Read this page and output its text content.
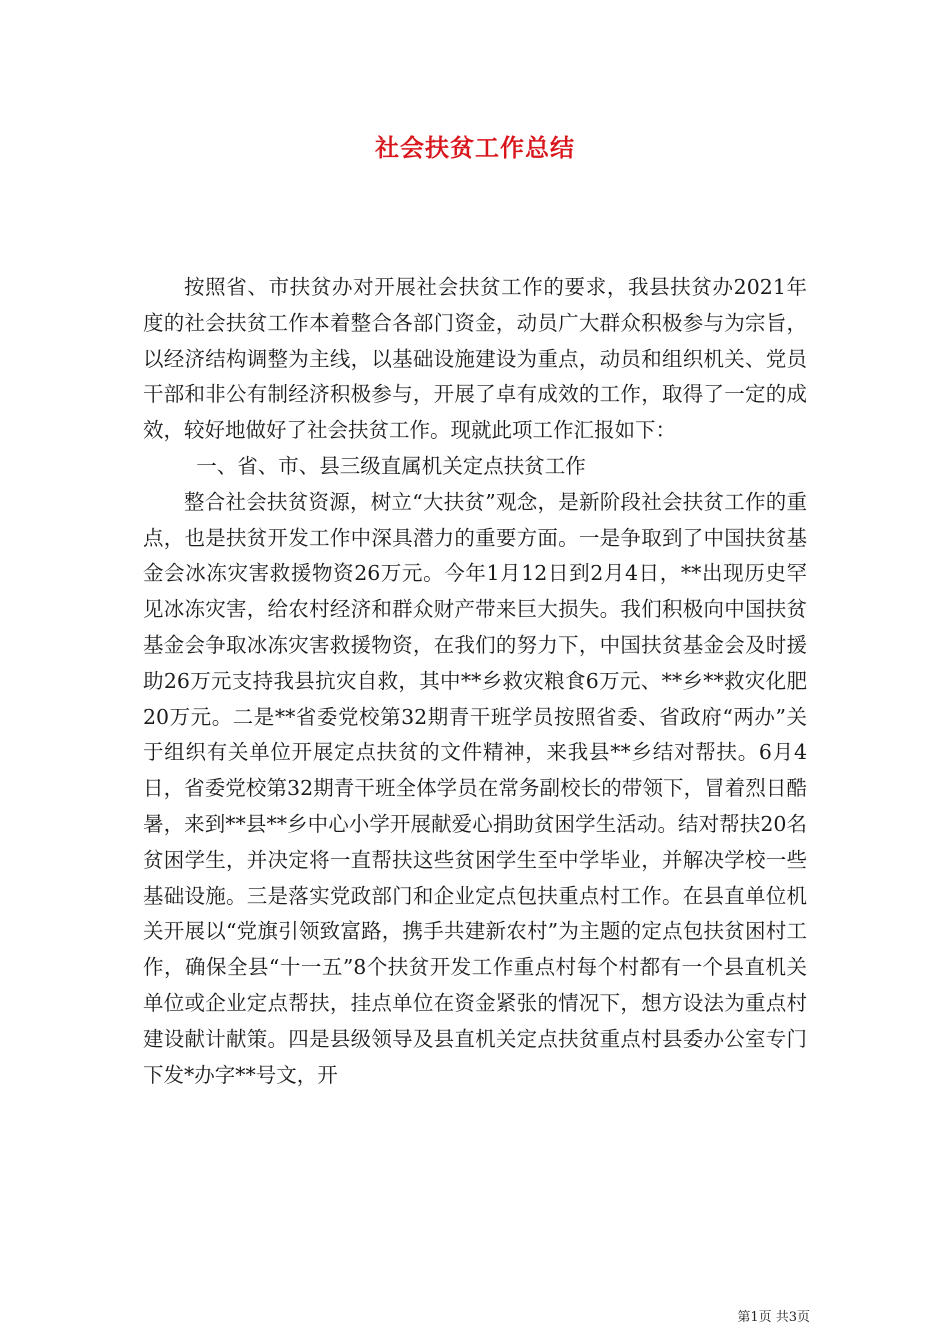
社会扶贫工作总结

按照省、市扶贫办对开展社会扶贫工作的要求，我县扶贫办2021年度的社会扶贫工作本着整合各部门资金，动员广大群众积极参与为宗旨，以经济结构调整为主线，以基础设施建设为重点，动员和组织机关、党员干部和非公有制经济积极参与，开展了卓有成效的工作，取得了一定的成效，较好地做好了社会扶贫工作。现就此项工作汇报如下：

一、省、市、县三级直属机关定点扶贫工作

整合社会扶贫资源，树立“大扶贫”观念，是新阶段社会扶贫工作的重点，也是扶贫开发工作中深具潜力的重要方面。一是争取到了中国扶贫基金会冰冻灾害救援物资26万元。今年1月12日到2月4日，**出现历史罕见冰冻灾害，给农村经济和群众财产带来巨大损失。我们积极向中国扶贫基金会争取冰冻灾害救援物资，在我们的努力下，中国扶贫基金会及时援助26万元支持我县抗灾自救，其中**乡救灾粮食6万元、**乡**救灾化肥20万元。二是**省委党校第32期青干班学员按照省委、省政府“两办”关于组织有关单位开展定点扶贫的文件精神，来我县**乡结对帮扶。6月4日，省委党校第32期青干班全体学员在常务副校长的带领下，冒着烈日酷暑，来到**县**乡中心小学开展献爱心捐助贫困学生活动。结对帮扶20名贫困学生，并决定将一直帮扶这些贫困学生至中学毕业，并解决学校一些基础设施。三是落实党政部门和企业定点包扶重点村工作。在县直单位机关开展以“党旗引领致富路，携手共建新农村”为主题的定点包扶贫困村工作，确保全县“十一五”8个扶贫开发工作重点村每个村都有一个县直机关单位或企业定点帮扶，挂点单位在资金紧张的情况下，想方设法为重点村建设献计献策。四是县级领导及县直机关定点扶贫重点村县委办公室专门下发*办字**号文，开

第1页 共3页
